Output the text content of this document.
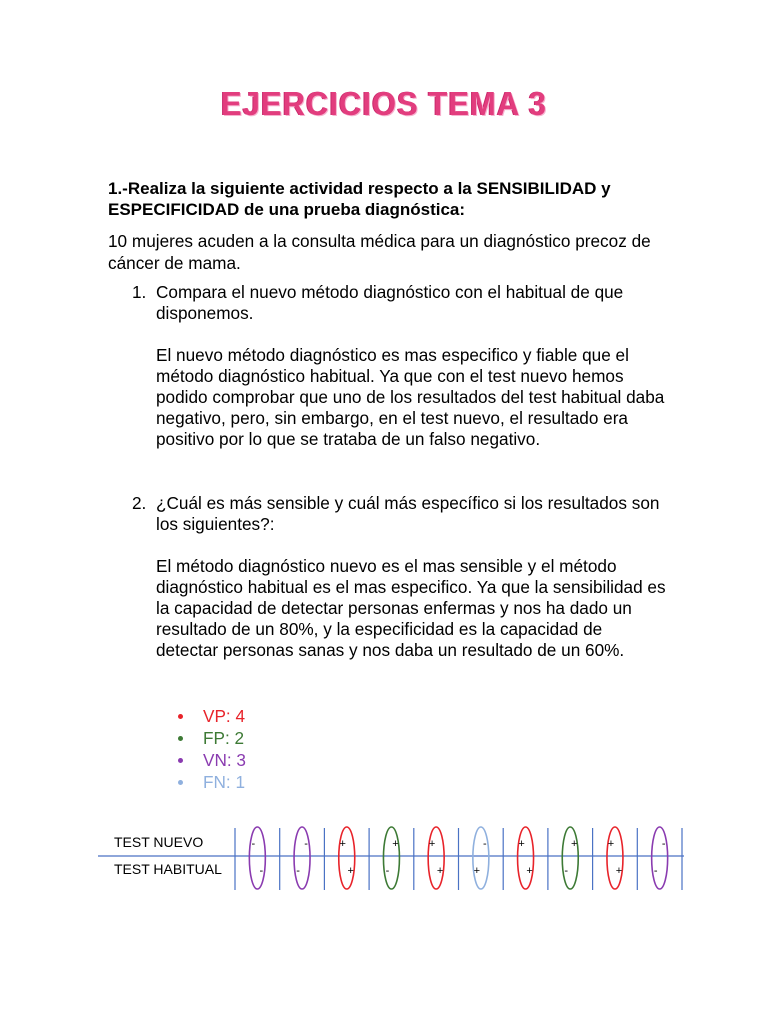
EJERCICIOS TEMA 3
1.-Realiza la siguiente actividad respecto a la SENSIBILIDAD y ESPECIFICIDAD de una prueba diagnóstica:
10 mujeres acuden a la consulta médica para un diagnóstico precoz de cáncer de mama.
1. Compara el nuevo método diagnóstico con el habitual de que disponemos.
El nuevo método diagnóstico es mas especifico y fiable que el método diagnóstico habitual. Ya que con el test nuevo hemos podido comprobar que uno de los resultados del test habitual daba negativo, pero, sin embargo, en el test nuevo, el resultado era positivo por lo que se trataba de un falso negativo.
2. ¿Cuál es más sensible y cuál más específico si los resultados son los siguientes?:
El método diagnóstico nuevo es el mas sensible y el método diagnóstico habitual es el mas especifico. Ya que la sensibilidad es la capacidad de detectar personas enfermas y nos ha dado un resultado de un 80%, y la especificidad es la capacidad de detectar personas sanas y nos daba un resultado de un 60%.
VP: 4
FP: 2
VN: 3
FN: 1
TEST NUEVO
TEST HABITUAL
-
-
-
-
+
+
+
-
+
+
-
+
+
+
+
-
+
+
-
-
